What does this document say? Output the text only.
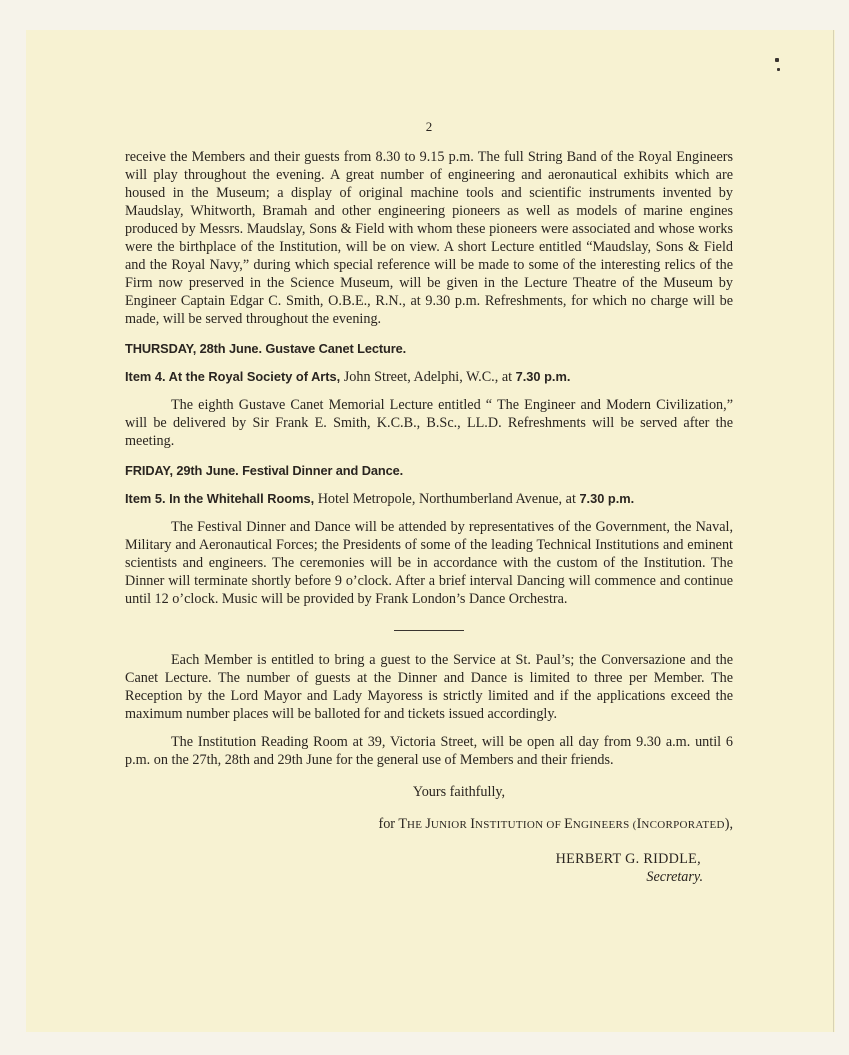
2

receive the Members and their guests from 8.30 to 9.15 p.m. The full String Band of the Royal Engineers will play throughout the evening. A great number of engineering and aeronautical exhibits which are housed in the Museum; a display of original machine tools and scientific instruments invented by Maudslay, Whitworth, Bramah and other engineering pioneers as well as models of marine engines produced by Messrs. Maudslay, Sons & Field with whom these pioneers were associated and whose works were the birthplace of the Institution, will be on view. A short Lecture entitled “Maudslay, Sons & Field and the Royal Navy,” during which special reference will be made to some of the interesting relics of the Firm now preserved in the Science Museum, will be given in the Lecture Theatre of the Museum by Engineer Captain Edgar C. Smith, O.B.E., R.N., at 9.30 p.m. Refreshments, for which no charge will be made, will be served throughout the evening.

THURSDAY, 28th June. Gustave Canet Lecture.

Item 4. At the Royal Society of Arts, John Street, Adelphi, W.C., at 7.30 p.m.

The eighth Gustave Canet Memorial Lecture entitled “ The Engineer and Modern Civilization,” will be delivered by Sir Frank E. Smith, K.C.B., B.Sc., LL.D. Refreshments will be served after the meeting.

FRIDAY, 29th June. Festival Dinner and Dance.

Item 5. In the Whitehall Rooms, Hotel Metropole, Northumberland Avenue, at 7.30 p.m.

The Festival Dinner and Dance will be attended by representatives of the Government, the Naval, Military and Aeronautical Forces; the Presidents of some of the leading Technical Institutions and eminent scientists and engineers. The ceremonies will be in accordance with the custom of the Institution. The Dinner will terminate shortly before 9 o’clock. After a brief interval Dancing will commence and continue until 12 o’clock. Music will be provided by Frank London’s Dance Orchestra.

Each Member is entitled to bring a guest to the Service at St. Paul’s; the Conversazione and the Canet Lecture. The number of guests at the Dinner and Dance is limited to three per Member. The Reception by the Lord Mayor and Lady Mayoress is strictly limited and if the applications exceed the maximum number places will be balloted for and tickets issued accordingly.

The Institution Reading Room at 39, Victoria Street, will be open all day from 9.30 a.m. until 6 p.m. on the 27th, 28th and 29th June for the general use of Members and their friends.

Yours faithfully,

for THE JUNIOR INSTITUTION OF ENGINEERS (INCORPORATED),

HERBERT G. RIDDLE,

Secretary.
